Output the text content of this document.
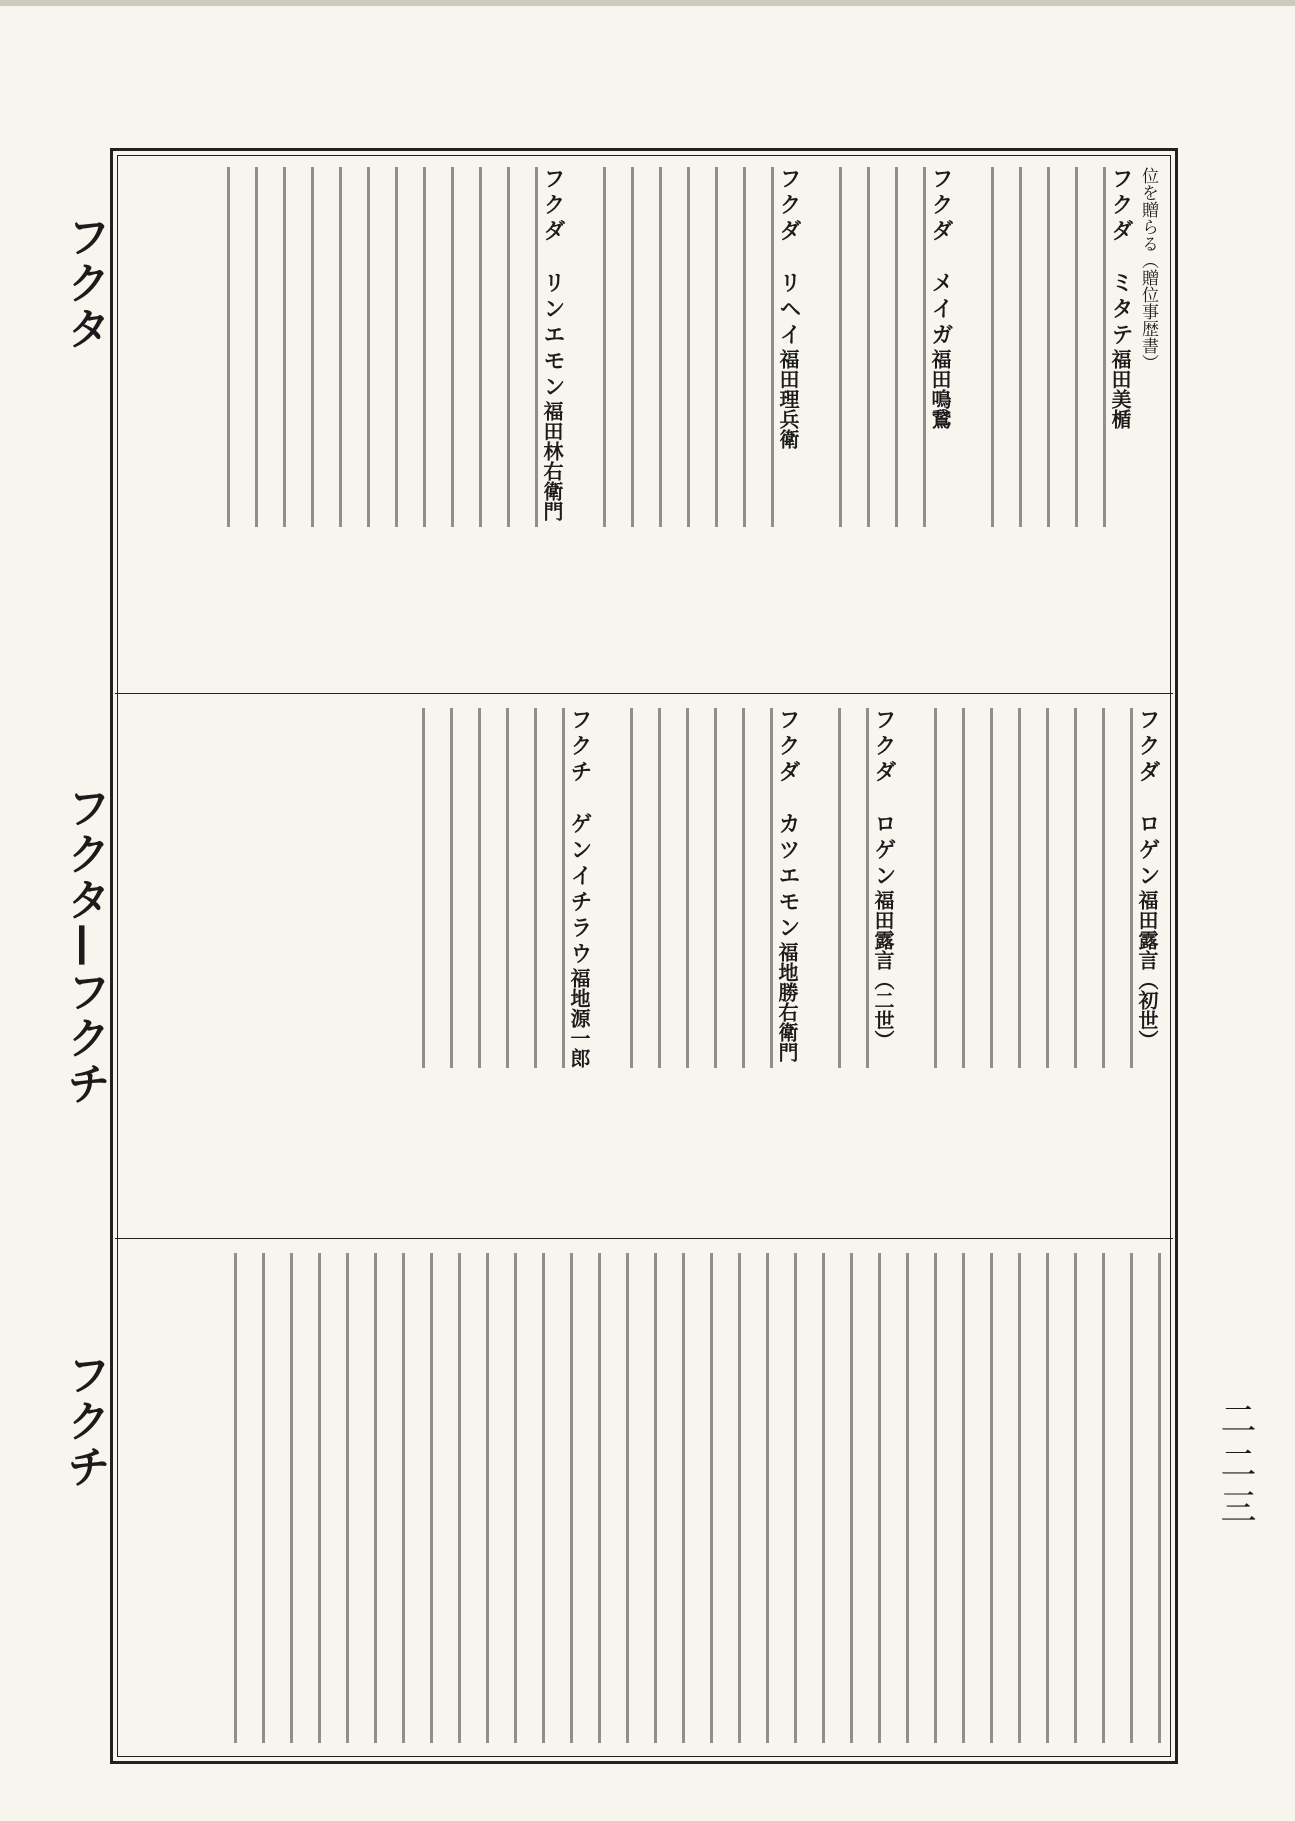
フクタ
フクタ—フクチ
フクチ	二二三
位を贈らる（贈位事歴書）
フクダ　ミタテ福田美楯
フクダ　メイガ福田鳴鵞
フクダ　リヘイ福田理兵衛
フクダ　リンエモン福田林右衛門
フクダ　ロゲン福田露言（初世）
フクダ　ロゲン福田露言（二世）
フクダ　カツエモン福地勝右衛門
フクチ　ゲンイチラウ福地源一郎
